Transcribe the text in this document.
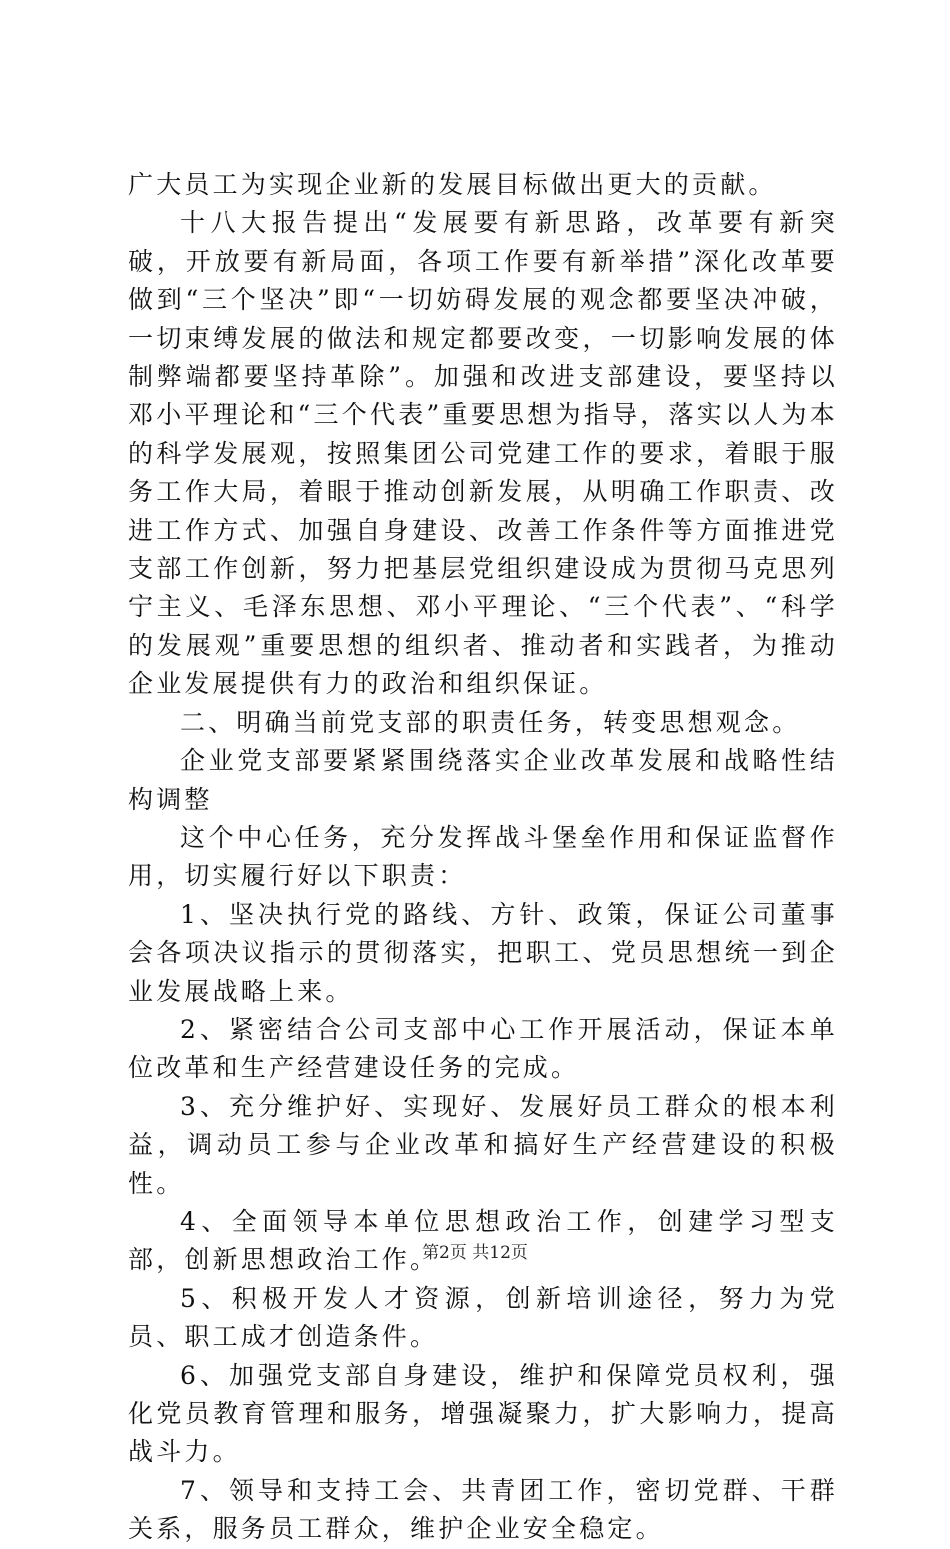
广大员工为实现企业新的发展目标做出更大的贡献。

十八大报告提出“发展要有新思路，改革要有新突破，开放要有新局面，各项工作要有新举措”深化改革要做到“三个坚决”即“一切妨碍发展的观念都要坚决冲破，一切束缚发展的做法和规定都要改变，一切影响发展的体制弊端都要坚持革除”。加强和改进支部建设，要坚持以邓小平理论和“三个代表”重要思想为指导，落实以人为本的科学发展观，按照集团公司党建工作的要求，着眼于服务工作大局，着眼于推动创新发展，从明确工作职责、改进工作方式、加强自身建设、改善工作条件等方面推进党支部工作创新，努力把基层党组织建设成为贯彻马克思列宁主义、毛泽东思想、邓小平理论、“三个代表”、“科学的发展观”重要思想的组织者、推动者和实践者，为推动企业发展提供有力的政治和组织保证。

二、明确当前党支部的职责任务，转变思想观念。

企业党支部要紧紧围绕落实企业改革发展和战略性结构调整

这个中心任务，充分发挥战斗堡垒作用和保证监督作用，切实履行好以下职责：

1、坚决执行党的路线、方针、政策，保证公司董事会各项决议指示的贯彻落实，把职工、党员思想统一到企业发展战略上来。

2、紧密结合公司支部中心工作开展活动，保证本单位改革和生产经营建设任务的完成。

3、充分维护好、实现好、发展好员工群众的根本利益，调动员工参与企业改革和搞好生产经营建设的积极性。

4、全面领导本单位思想政治工作，创建学习型支部，创新思想政治工作。

5、积极开发人才资源，创新培训途径，努力为党员、职工成才创造条件。

6、加强党支部自身建设，维护和保障党员权利，强化党员教育管理和服务，增强凝聚力，扩大影响力，提高战斗力。

7、领导和支持工会、共青团工作，密切党群、干群关系，服务员工群众，维护企业安全稳定。

第2页 共12页
